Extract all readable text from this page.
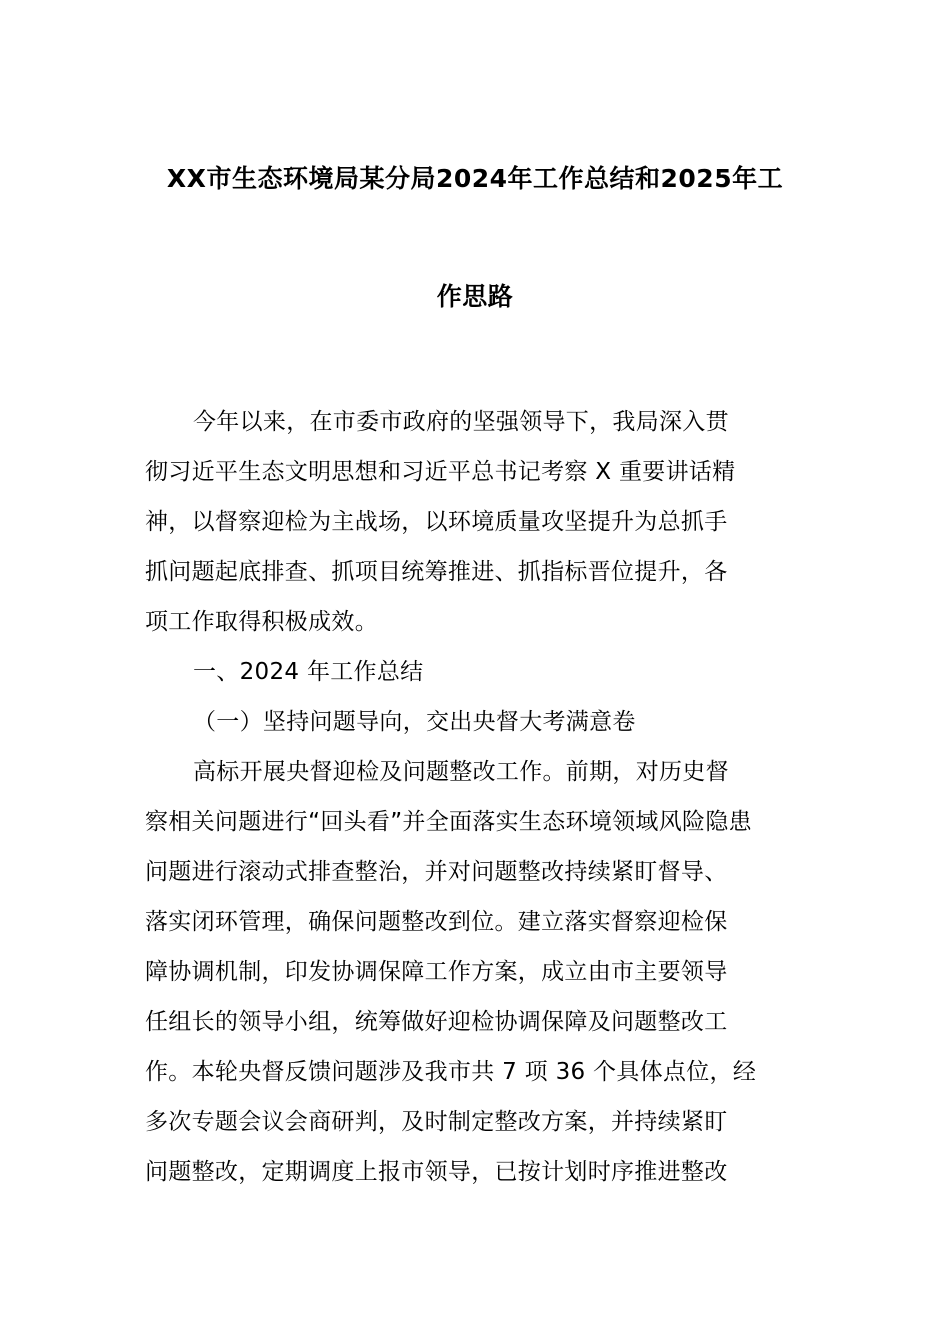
XX市生态环境局某分局2024年工作总结和2025年工
作思路
今年以来，在市委市政府的坚强领导下，我局深入贯
彻习近平生态文明思想和习近平总书记考察 X 重要讲话精
神，以督察迎检为主战场，以环境质量攻坚提升为总抓手
抓问题起底排查、抓项目统筹推进、抓指标晋位提升，各
项工作取得积极成效。
一、2024 年工作总结
（一）坚持问题导向，交出央督大考满意卷
高标开展央督迎检及问题整改工作。前期，对历史督
察相关问题进行“回头看”并全面落实生态环境领域风险隐患
问题进行滚动式排查整治，并对问题整改持续紧盯督导、
落实闭环管理，确保问题整改到位。建立落实督察迎检保
障协调机制，印发协调保障工作方案，成立由市主要领导
任组长的领导小组，统筹做好迎检协调保障及问题整改工
作。本轮央督反馈问题涉及我市共 7 项 36 个具体点位，经
多次专题会议会商研判，及时制定整改方案，并持续紧盯
问题整改，定期调度上报市领导，已按计划时序推进整改
